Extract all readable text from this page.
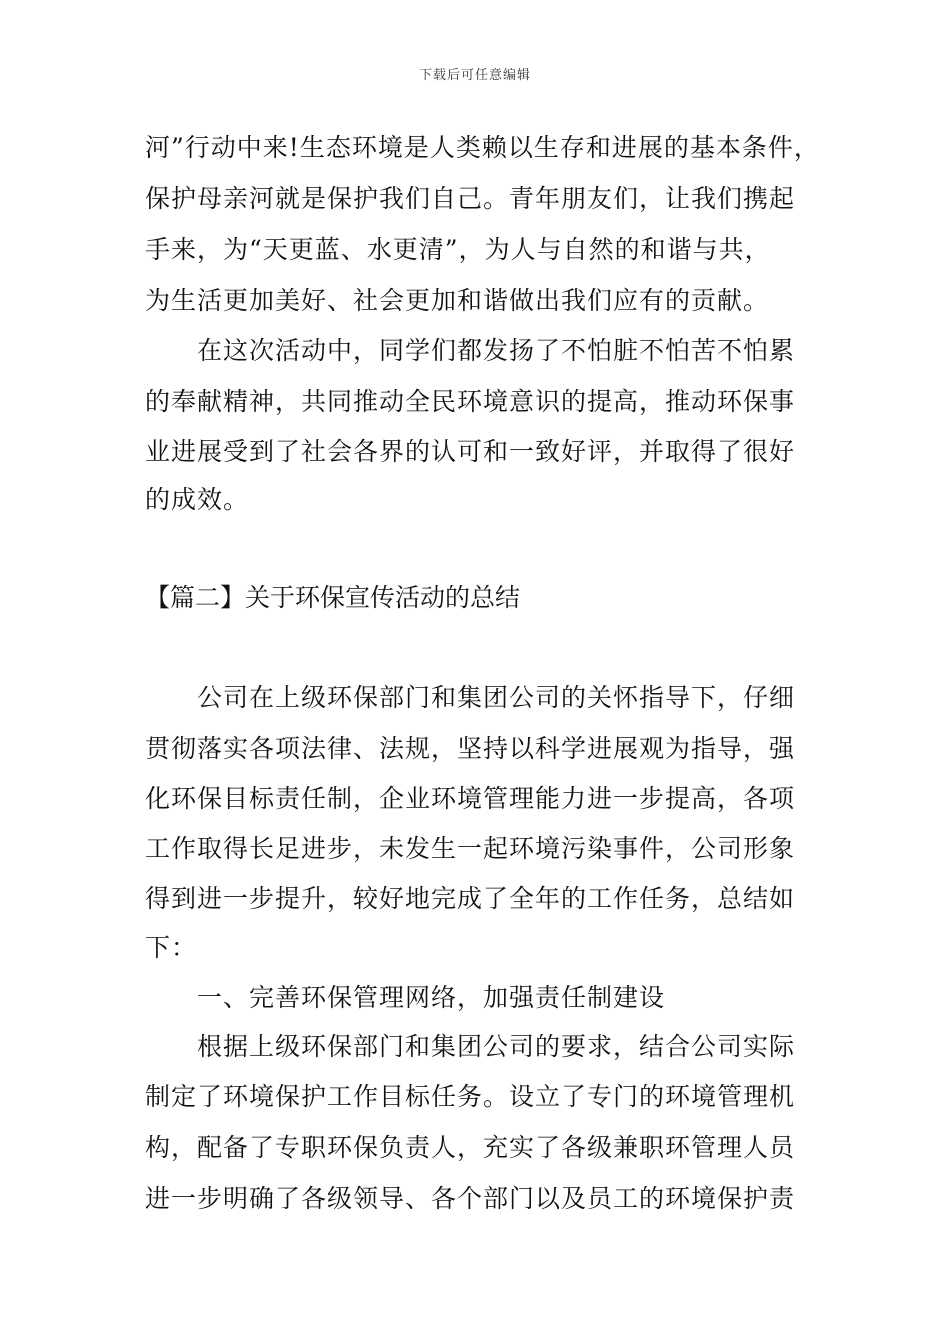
下载后可任意编辑
河”行动中来!生态环境是人类赖以生存和进展的基本条件，
保护母亲河就是保护我们自己。青年朋友们，让我们携起
手来，为“天更蓝、水更清”，为人与自然的和谐与共，
为生活更加美好、社会更加和谐做出我们应有的贡献。
在这次活动中，同学们都发扬了不怕脏不怕苦不怕累
的奉献精神，共同推动全民环境意识的提高，推动环保事
业进展受到了社会各界的认可和一致好评，并取得了很好
的成效。
【篇二】关于环保宣传活动的总结
公司在上级环保部门和集团公司的关怀指导下，仔细
贯彻落实各项法律、法规，坚持以科学进展观为指导，强
化环保目标责任制，企业环境管理能力进一步提高，各项
工作取得长足进步，未发生一起环境污染事件，公司形象
得到进一步提升，较好地完成了全年的工作任务，总结如
下：
一、完善环保管理网络，加强责任制建设
根据上级环保部门和集团公司的要求，结合公司实际
制定了环境保护工作目标任务。设立了专门的环境管理机
构，配备了专职环保负责人，充实了各级兼职环管理人员
进一步明确了各级领导、各个部门以及员工的环境保护责
